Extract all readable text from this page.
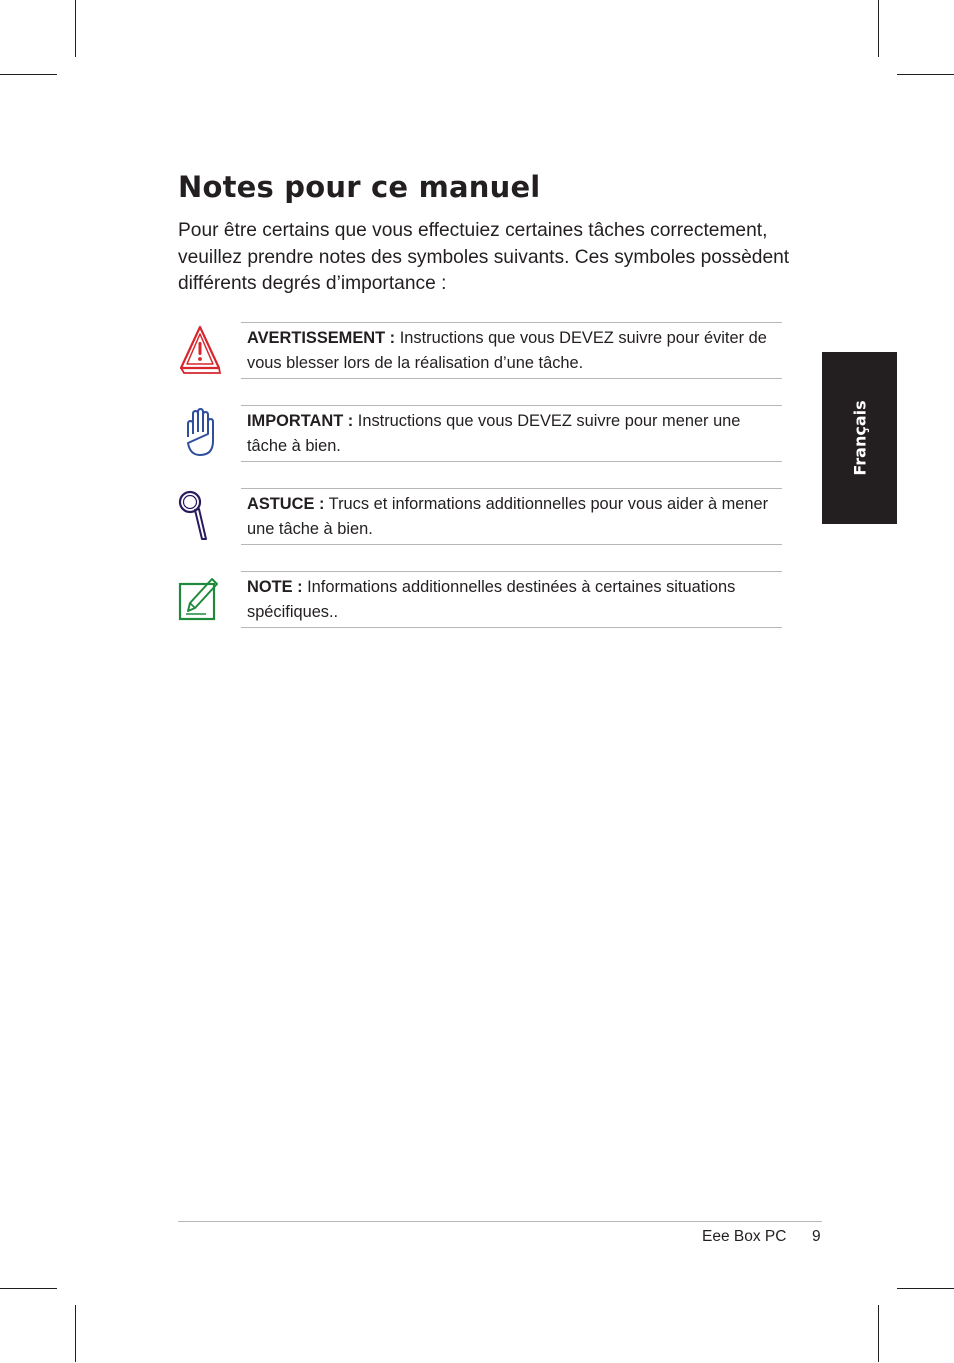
Notes pour ce manuel

Pour être certains que vous effectuiez certaines tâches correctement, veuillez prendre notes des symboles suivants. Ces symboles possèdent différents degrés d’importance :

AVERTISSEMENT : Instructions que vous DEVEZ suivre pour éviter de vous blesser lors de la réalisation d’une tâche.
IMPORTANT : Instructions que vous DEVEZ suivre pour mener une tâche à bien.
ASTUCE : Trucs et informations additionnelles pour vous aider à mener une tâche à bien.
NOTE : Informations additionnelles destinées à certaines situations spécifiques..
Français
Eee Box PC 9
